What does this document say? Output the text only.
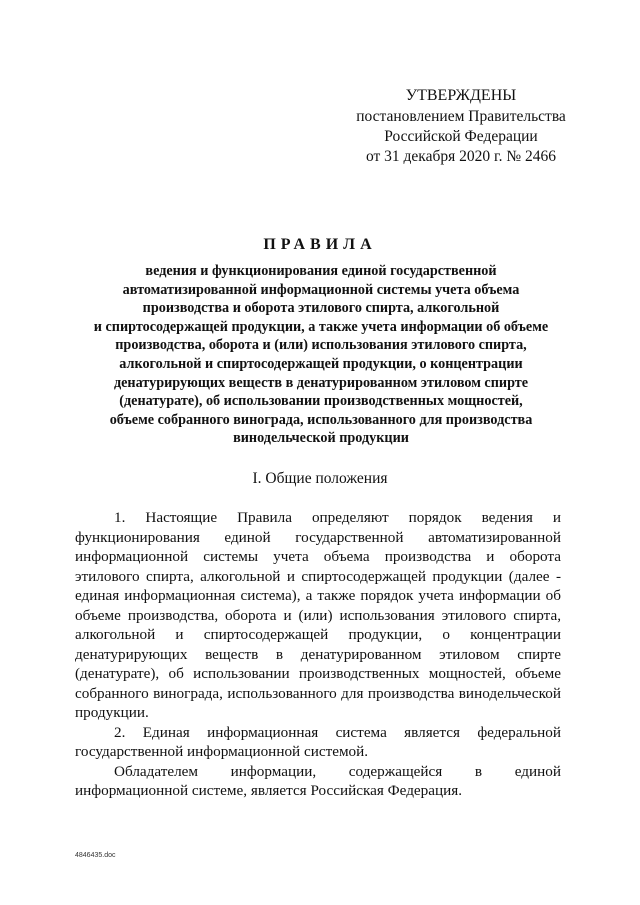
УТВЕРЖДЕНЫ
постановлением Правительства
Российской Федерации
от 31 декабря 2020 г. № 2466
ПРАВИЛА
ведения и функционирования единой государственной
автоматизированной информационной системы учета объема
производства и оборота этилового спирта, алкогольной
и спиртосодержащей продукции, а также учета информации об объеме
производства, оборота и (или) использования этилового спирта,
алкогольной и спиртосодержащей продукции, о концентрации
денатурирующих веществ в денатурированном этиловом спирте
(денатурате), об использовании производственных мощностей,
объеме собранного винограда, использованного для производства
винодельческой продукции
I. Общие положения

1. Настоящие Правила определяют порядок ведения и функционирования единой государственной автоматизированной информационной системы учета объема производства и оборота этилового спирта, алкогольной и спиртосодержащей продукции (далее - единая информационная система), а также порядок учета информации об объеме производства, оборота и (или) использования этилового спирта, алкогольной и спиртосодержащей продукции, о концентрации денатурирующих веществ в денатурированном этиловом спирте (денатурате), об использовании производственных мощностей, объеме собранного винограда, использованного для производства винодельческой продукции.

2. Единая информационная система является федеральной государственной информационной системой.

Обладателем информации, содержащейся в единой информационной системе, является Российская Федерация.

4846435.doc
